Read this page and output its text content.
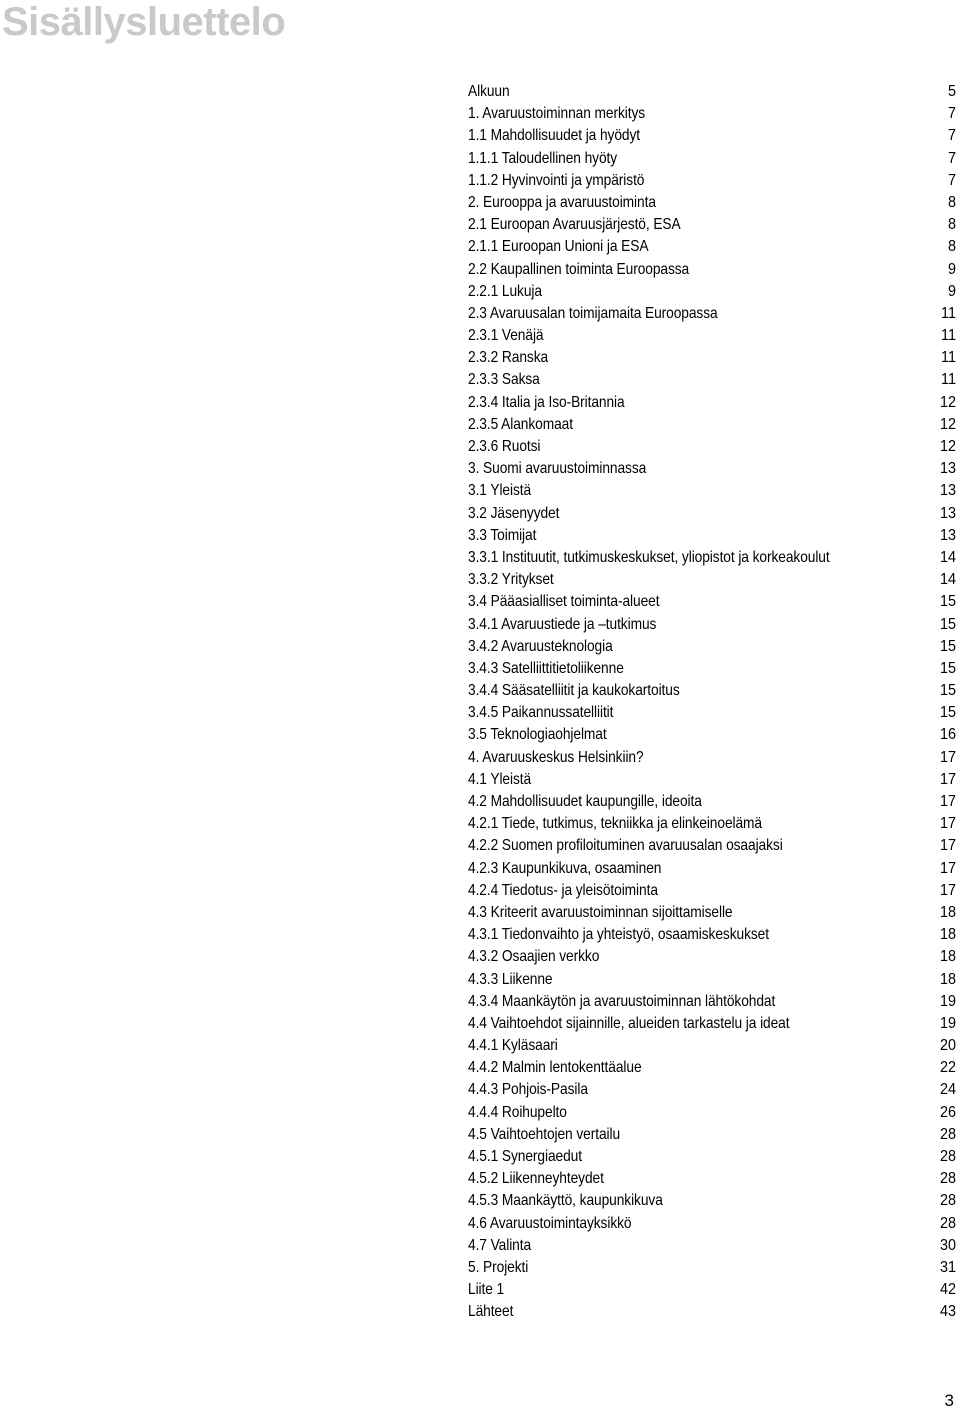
Sisällysluettelo
Alkuun	5
1. Avaruustoiminnan merkitys	7
1.1 Mahdollisuudet ja hyödyt	7
1.1.1 Taloudellinen hyöty	7
1.1.2 Hyvinvointi ja ympäristö	7
2. Eurooppa ja avaruustoiminta	8
2.1 Euroopan Avaruusjärjestö, ESA	8
2.1.1 Euroopan Unioni ja ESA	8
2.2 Kaupallinen toiminta Euroopassa	9
2.2.1 Lukuja	9
2.3 Avaruusalan toimijamaita Euroopassa	11
2.3.1 Venäjä	11
2.3.2 Ranska	11
2.3.3 Saksa	11
2.3.4 Italia ja Iso-Britannia	12
2.3.5 Alankomaat	12
2.3.6 Ruotsi	12
3. Suomi avaruustoiminnassa	13
3.1 Yleistä	13
3.2 Jäsenyydet	13
3.3 Toimijat	13
3.3.1 Instituutit, tutkimuskeskukset, yliopistot ja korkeakoulut	14
3.3.2 Yritykset	14
3.4 Pääasialliset toiminta-alueet	15
3.4.1 Avaruustiede ja –tutkimus	15
3.4.2 Avaruusteknologia	15
3.4.3 Satelliittitietoliikenne	15
3.4.4 Sääsatelliitit ja kaukokartoitus	15
3.4.5 Paikannussatelliitit	15
3.5 Teknologiaohjelmat	16
4. Avaruuskeskus Helsinkiin?	17
4.1 Yleistä	17
4.2 Mahdollisuudet kaupungille, ideoita	17
4.2.1 Tiede, tutkimus, tekniikka ja elinkeinoelämä	17
4.2.2 Suomen profiloituminen avaruusalan osaajaksi	17
4.2.3 Kaupunkikuva, osaaminen	17
4.2.4 Tiedotus- ja yleisötoiminta	17
4.3 Kriteerit avaruustoiminnan sijoittamiselle	18
4.3.1 Tiedonvaihto ja yhteistyö, osaamiskeskukset	18
4.3.2 Osaajien verkko	18
4.3.3 Liikenne	18
4.3.4 Maankäytön ja avaruustoiminnan lähtökohdat	19
4.4 Vaihtoehdot sijainnille, alueiden tarkastelu ja ideat	19
4.4.1 Kyläsaari	20
4.4.2 Malmin lentokenttäalue	22
4.4.3 Pohjois-Pasila	24
4.4.4 Roihupelto	26
4.5 Vaihtoehtojen vertailu	28
4.5.1 Synergiaedut	28
4.5.2 Liikenneyhteydet	28
4.5.3 Maankäyttö, kaupunkikuva	28
4.6 Avaruustoimintayksikkö	28
4.7 Valinta	30
5. Projekti	31
Liite 1	42
Lähteet	43
3
